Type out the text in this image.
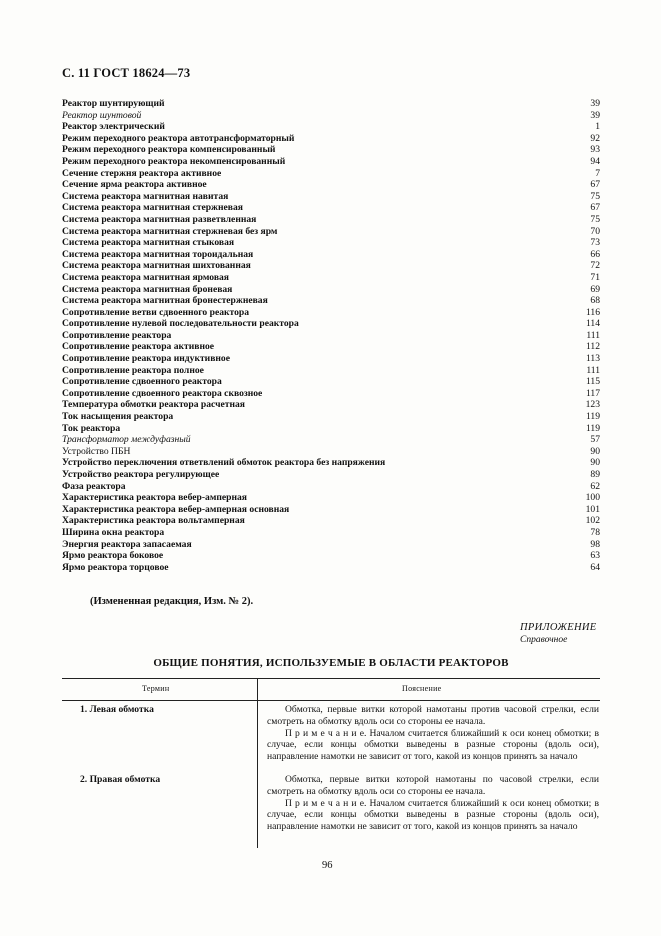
С. 11 ГОСТ 18624—73
Реактор шунтирующий	39
Реактор шунтовой	39
Реактор электрический	1
Режим переходного реактора автотрансформаторный	92
Режим переходного реактора компенсированный	93
Режим переходного реактора некомпенсированный	94
Сечение стержня реактора активное	7
Сечение ярма реактора активное	67
Система реактора магнитная навитая	75
Система реактора магнитная стержневая	67
Система реактора магнитная разветвленная	75
Система реактора магнитная стержневая без ярм	70
Система реактора магнитная стыковая	73
Система реактора магнитная тороидальная	66
Система реактора магнитная шихтованная	72
Система реактора магнитная ярмовая	71
Система реактора магнитная броневая	69
Система реактора магнитная бронестержневая	68
Сопротивление ветви сдвоенного реактора	116
Сопротивление нулевой последовательности реактора	114
Сопротивление реактора	111
Сопротивление реактора активное	112
Сопротивление реактора индуктивное	113
Сопротивление реактора полное	111
Сопротивление сдвоенного реактора	115
Сопротивление сдвоенного реактора сквозное	117
Температура обмотки реактора расчетная	123
Ток насыщения реактора	119
Ток реактора	119
Трансформатор междуфазный	57
Устройство ПБН	90
Устройство переключения ответвлений обмоток реактора без напряжения	90
Устройство реактора регулирующее	89
Фаза реактора	62
Характеристика реактора вебер-амперная	100
Характеристика реактора вебер-амперная основная	101
Характеристика реактора вольтамперная	102
Ширина окна реактора	78
Энергия реактора запасаемая	98
Ярмо реактора боковое	63
Ярмо реактора торцовое	64
(Измененная редакция, Изм. № 2).
ПРИЛОЖЕНИЕ
Справочное
ОБЩИЕ ПОНЯТИЯ, ИСПОЛЬЗУЕМЫЕ В ОБЛАСТИ РЕАКТОРОВ
Термин	Пояснение
1. Левая обмотка	Обмотка, первые витки которой намотаны против часовой стрелки, если смотреть на обмотку вдоль оси со стороны ее начала.

П р и м е ч а н и е. Началом считается ближайший к оси конец обмотки; в случае, если концы обмотки выведены в разные стороны (вдоль оси), направление намотки не зависит от того, какой из концов принять за начало

2. Правая обмотка	Обмотка, первые витки которой намотаны по часовой стрелки, если смотреть на обмотку вдоль оси со стороны ее начала.

П р и м е ч а н и е. Началом считается ближайший к оси конец обмотки; в случае, если концы обмотки выведены в разные стороны (вдоль оси), направление намотки не зависит от того, какой из концов принять за начало

96
